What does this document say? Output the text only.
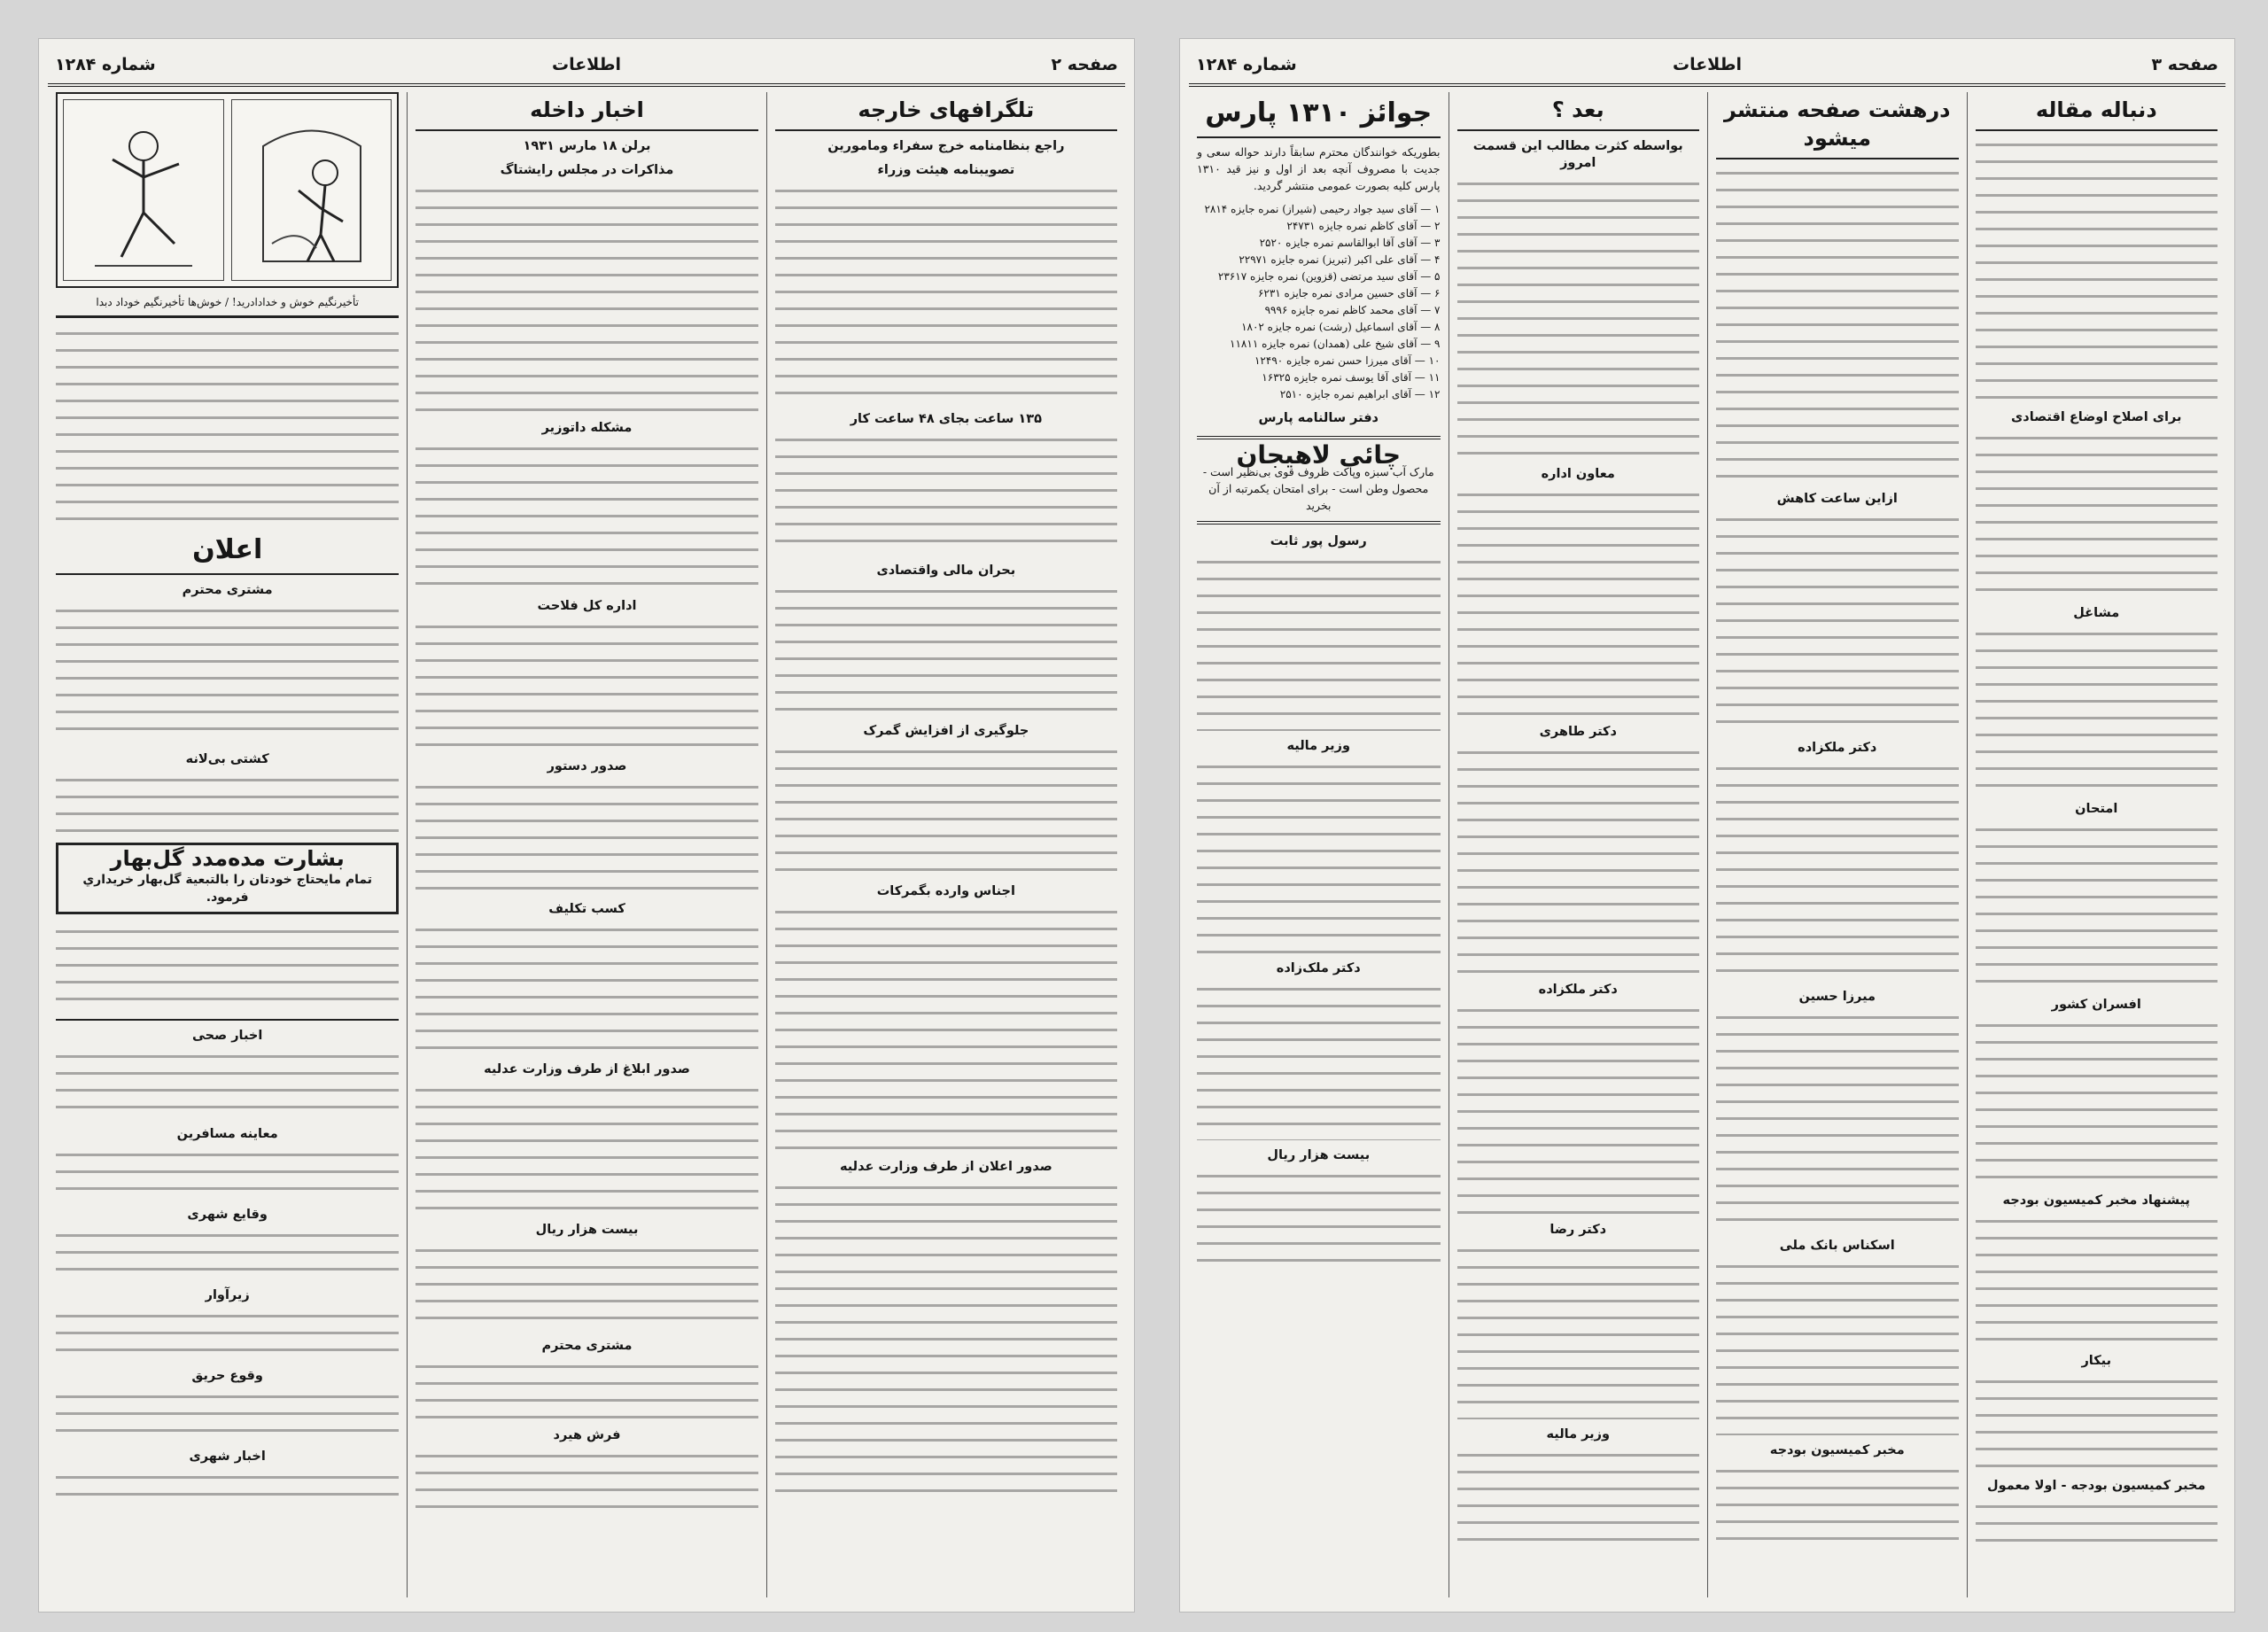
شماره ۱۲۸۴	اطلاعات	صفحه ۲
تلگرافهای خارجه
راجع بنظامنامه خرج سفراء ومامورین
تصویبنامه هیئت وزراء
۱۳۵ ساعت بجای ۴۸ ساعت کار
بحران مالی واقتصادی
جلوگیری از افزایش گمرک
اجناس وارده بگمرکات
صدور اعلان از طرف وزارت عدلیه
اخبار داخله
برلن ۱۸ مارس ۱۹۳۱
مذاکرات در مجلس رایشتاگ
مشکله داتوزیر
اداره کل فلاحت
صدور دستور
کسب تکلیف
صدور ابلاغ از طرف وزارت عدلیه
بیست هزار ریال
مشترى محترم
فرش هیرد
تأخیرنگیم خوش و خدادادرید! / خوش‌ها تأخیرنگیم خوداد دبدا
اعلان
مشتری محترم
کشتی بی‌لانه
بشارت مده‌مدد گل‌بهار
تمام مايحتاج خودتان را بالتبعية گل‌بهار خريداري فرمود.
اخبار صحی
معاینه مسافرین
وقایع شهری
زیرآوار
وقوع حریق
اخبار شهری
شماره ۱۲۸۴	اطلاعات	صفحه ۳
دنباله مقاله
برای اصلاح اوضاع اقتصادی
مشاغل
امتحان
افسران کشور
پیشنهاد مخبر کمیسیون بودجه
بیکار
مخبر کمیسیون بودجه - اولا معمول
درهشت صفحه منتشر میشود
ازاین ساعت کاهش
دکتر ملکزاده
میرزا حسین
اسکناس بانک ملی
مخبر کمیسیون بودجه
بعد ؟
بواسطه کثرت مطالب این قسمت امروز
معاون اداره
دکتر طاهری
دکتر ملکزاده
دکتر رضا
وزیر مالیه
جوائز ۱۳۱۰ پارس

بطوریکه خوانندگان محترم سابقاً دارند حواله سعی و جدیت با مصروف آنچه بعد از اول و نیز قید ۱۳۱۰ پارس کلیه بصورت عمومی منتشر گردید.

۱ — آقای سید جواد رحیمی (شیراز) نمره جایزه ۲۸۱۴
۲ — آقای کاظم نمره جایزه ۲۴۷۳۱
۳ — آقای آقا ابوالقاسم نمره جایزه ۲۵۲۰
۴ — آقای علی اکبر (تبریز) نمره جایزه ۲۲۹۷۱
۵ — آقای سید مرتضی (قزوین) نمره جایزه ۲۳۶۱۷
۶ — آقای حسین مرادی نمره جایزه ۶۲۳۱
۷ — آقای محمد کاظم نمره جایزه ۹۹۹۶
۸ — آقای اسماعیل (رشت) نمره جایزه ۱۸۰۲
۹ — آقای شیخ علی (همدان) نمره جایزه ۱۱۸۱۱
۱۰ — آقای میرزا حسن نمره جایزه ۱۲۴۹۰
۱۱ — آقای آقا یوسف نمره جایزه ۱۶۳۲۵
۱۲ — آقای ابراهیم نمره جایزه ۲۵۱۰
دفتر سالنامه پارس
چائی لاهیجان
مارک آب سبزه وپاکت ظروف قوی بی‌نظیر است - محصول وطن است - برای امتحان یکمرتبه از آن بخرید
رسول پور ثابت
وزیر مالیه
دکتر ملک‌زاده
بیست هزار ریال
